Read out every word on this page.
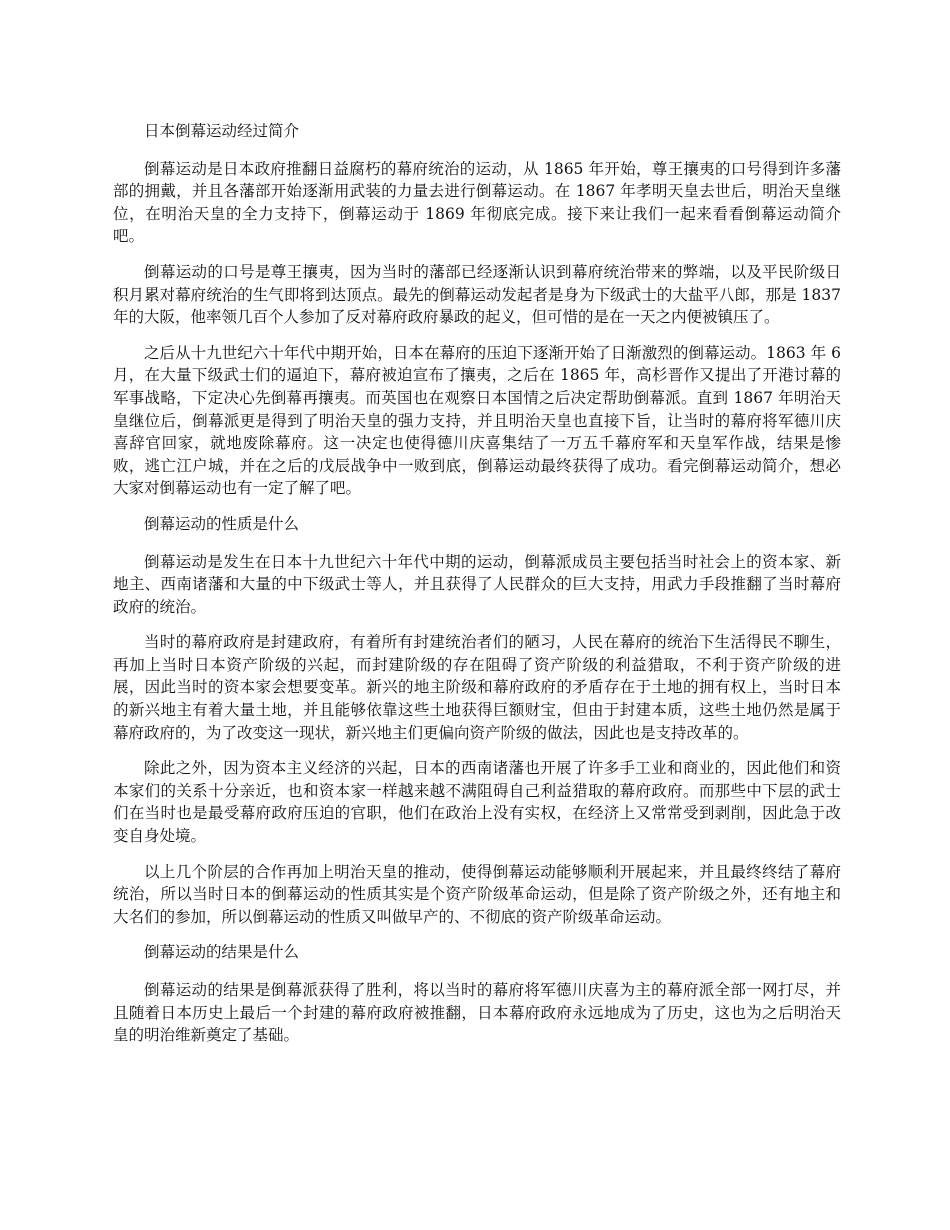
日本倒幕运动经过简介

倒幕运动是日本政府推翻日益腐朽的幕府统治的运动，从 1865 年开始，尊王攘夷的口号得到许多藩部的拥戴，并且各藩部开始逐渐用武装的力量去进行倒幕运动。在 1867 年孝明天皇去世后，明治天皇继位，在明治天皇的全力支持下，倒幕运动于 1869 年彻底完成。接下来让我们一起来看看倒幕运动简介吧。

倒幕运动的口号是尊王攘夷，因为当时的藩部已经逐渐认识到幕府统治带来的弊端，以及平民阶级日积月累对幕府统治的生气即将到达顶点。最先的倒幕运动发起者是身为下级武士的大盐平八郎，那是 1837 年的大阪，他率领几百个人参加了反对幕府政府暴政的起义，但可惜的是在一天之内便被镇压了。

之后从十九世纪六十年代中期开始，日本在幕府的压迫下逐渐开始了日渐激烈的倒幕运动。1863 年 6 月，在大量下级武士们的逼迫下，幕府被迫宣布了攘夷，之后在 1865 年，高杉晋作又提出了开港讨幕的军事战略，下定决心先倒幕再攘夷。而英国也在观察日本国情之后决定帮助倒幕派。直到 1867 年明治天皇继位后，倒幕派更是得到了明治天皇的强力支持，并且明治天皇也直接下旨，让当时的幕府将军德川庆喜辞官回家，就地废除幕府。这一决定也使得德川庆喜集结了一万五千幕府军和天皇军作战，结果是惨败，逃亡江户城，并在之后的戊辰战争中一败到底，倒幕运动最终获得了成功。看完倒幕运动简介，想必大家对倒幕运动也有一定了解了吧。

倒幕运动的性质是什么

倒幕运动是发生在日本十九世纪六十年代中期的运动，倒幕派成员主要包括当时社会上的资本家、新地主、西南诸藩和大量的中下级武士等人，并且获得了人民群众的巨大支持，用武力手段推翻了当时幕府政府的统治。

当时的幕府政府是封建政府，有着所有封建统治者们的陋习，人民在幕府的统治下生活得民不聊生，再加上当时日本资产阶级的兴起，而封建阶级的存在阻碍了资产阶级的利益猎取，不利于资产阶级的进展，因此当时的资本家会想要变革。新兴的地主阶级和幕府政府的矛盾存在于土地的拥有权上，当时日本的新兴地主有着大量土地，并且能够依靠这些土地获得巨额财宝，但由于封建本质，这些土地仍然是属于幕府政府的，为了改变这一现状，新兴地主们更偏向资产阶级的做法，因此也是支持改革的。

除此之外，因为资本主义经济的兴起，日本的西南诸藩也开展了许多手工业和商业的，因此他们和资本家们的关系十分亲近，也和资本家一样越来越不满阻碍自己利益猎取的幕府政府。而那些中下层的武士们在当时也是最受幕府政府压迫的官职，他们在政治上没有实权，在经济上又常常受到剥削，因此急于改变自身处境。

以上几个阶层的合作再加上明治天皇的推动，使得倒幕运动能够顺利开展起来，并且最终终结了幕府统治，所以当时日本的倒幕运动的性质其实是个资产阶级革命运动，但是除了资产阶级之外，还有地主和大名们的参加，所以倒幕运动的性质又叫做早产的、不彻底的资产阶级革命运动。

倒幕运动的结果是什么

倒幕运动的结果是倒幕派获得了胜利，将以当时的幕府将军德川庆喜为主的幕府派全部一网打尽，并且随着日本历史上最后一个封建的幕府政府被推翻，日本幕府政府永远地成为了历史，这也为之后明治天皇的明治维新奠定了基础。
